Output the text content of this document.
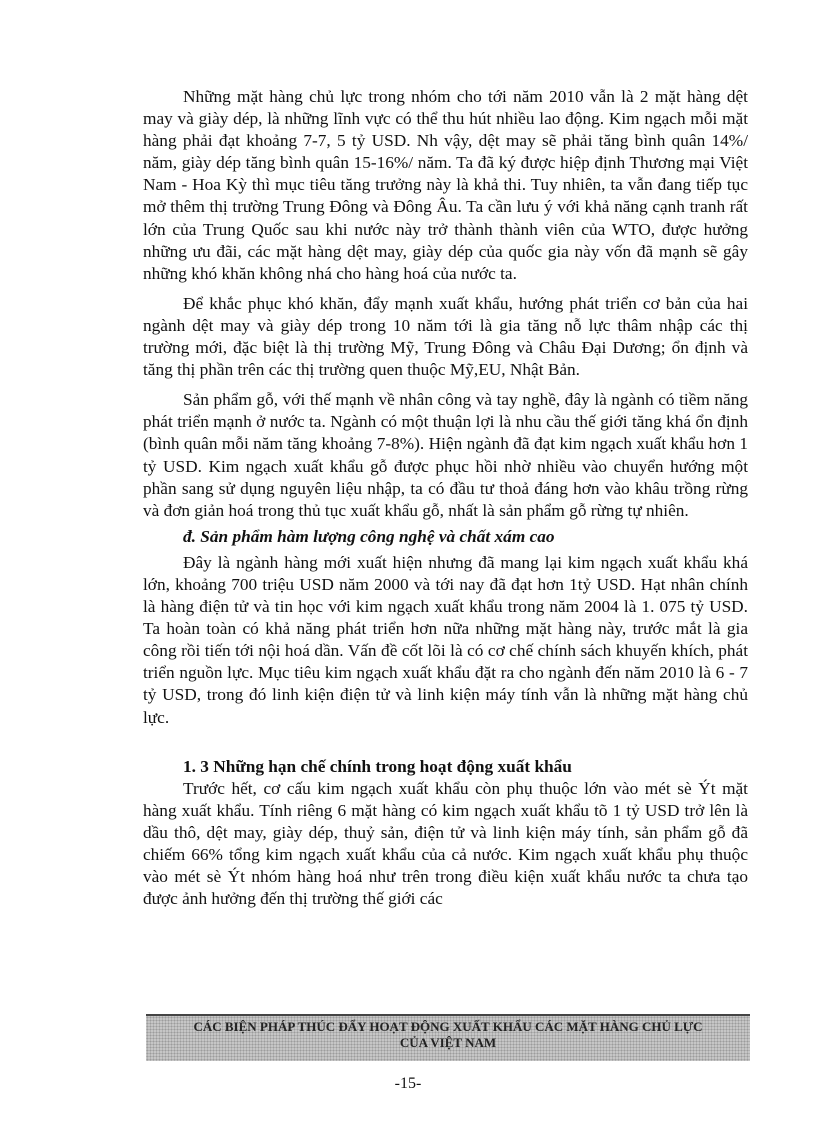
Những mặt hàng chủ lực trong nhóm cho tới năm 2010 vẫn là 2 mặt hàng dệt may và giày dép, là những lĩnh vực có thể thu hút nhiều lao động. Kim ngạch mỗi mặt hàng phải đạt khoảng 7-7, 5 tỷ USD. Nh vậy, dệt may sẽ phải tăng bình quân 14%/ năm, giày dép tăng bình quân 15-16%/ năm. Ta đã ký được hiệp định Thương mại Việt Nam - Hoa Kỳ thì mục tiêu tăng trưởng này là khả thi. Tuy nhiên, ta vẫn đang tiếp tục mở thêm thị trường Trung Đông và Đông Âu. Ta cần lưu ý với khả năng cạnh tranh rất lớn của Trung Quốc sau khi nước này trở thành thành viên của WTO, được hưởng những ưu đãi, các mặt hàng dệt may, giày dép của quốc gia này vốn đã mạnh sẽ gây những khó khăn không nhá cho hàng hoá của nước ta.

Để khắc phục khó khăn, đẩy mạnh xuất khẩu, hướng phát triển cơ bản của hai ngành dệt may và giày dép trong 10 năm tới là gia tăng nỗ lực thâm nhập các thị trường mới, đặc biệt là thị trường Mỹ, Trung Đông và Châu Đại Dương; ổn định và tăng thị phần trên các thị trường quen thuộc Mỹ,EU, Nhật Bản.

Sản phẩm gỗ, với thế mạnh về nhân công và tay nghề, đây là ngành có tiềm năng phát triển mạnh ở nước ta. Ngành có một thuận lợi là nhu cầu thế giới tăng khá ổn định (bình quân mỗi năm tăng khoảng 7-8%). Hiện ngành đã đạt kim ngạch xuất khẩu hơn 1 tỷ USD. Kim ngạch xuất khẩu gỗ được phục hồi nhờ nhiều vào chuyển hướng một phần sang sử dụng nguyên liệu nhập, ta có đầu tư thoả đáng hơn vào khâu trồng rừng và đơn giản hoá trong thủ tục xuất khẩu gỗ, nhất là sản phẩm gỗ rừng tự nhiên.

đ. Sản phẩm hàm lượng công nghệ và chất xám cao

Đây là ngành hàng mới xuất hiện nhưng đã mang lại kim ngạch xuất khẩu khá lớn, khoảng 700 triệu USD năm 2000 và tới nay đã đạt hơn 1tỷ USD. Hạt nhân chính là hàng điện tử và tin học với kim ngạch xuất khẩu trong năm 2004 là 1. 075 tỷ USD. Ta hoàn toàn có khả năng phát triển hơn nữa những mặt hàng này, trước mắt là gia công rồi tiến tới nội hoá dần. Vấn đề cốt lõi là có cơ chế chính sách khuyến khích, phát triển nguồn lực. Mục tiêu kim ngạch xuất khẩu đặt ra cho ngành đến năm 2010 là 6 - 7 tỷ USD, trong đó linh kiện điện tử và linh kiện máy tính vẫn là những mặt hàng chủ lực.

1. 3 Những hạn chế chính trong hoạt động xuất khẩu

Trước hết, cơ cấu kim ngạch xuất khẩu còn phụ thuộc lớn vào mét sè Ýt mặt hàng xuất khẩu. Tính riêng 6 mặt hàng có kim ngạch xuất khẩu tõ 1 tỷ USD trở lên là dầu thô, dệt may, giày dép, thuỷ sản, điện tử và linh kiện máy tính, sản phẩm gỗ đã chiếm 66% tổng kim ngạch xuất khẩu của cả nước. Kim ngạch xuất khẩu phụ thuộc vào mét sè Ýt nhóm hàng hoá như trên trong điều kiện xuất khẩu nước ta chưa tạo được ảnh hưởng đến thị trường thế giới các

CÁC BIỆN PHÁP THÚC ĐẨY HOẠT ĐỘNG XUẤT KHẨU CÁC MẶT HÀNG CHỦ LỰC
CỦA VIỆT NAM
-15-
